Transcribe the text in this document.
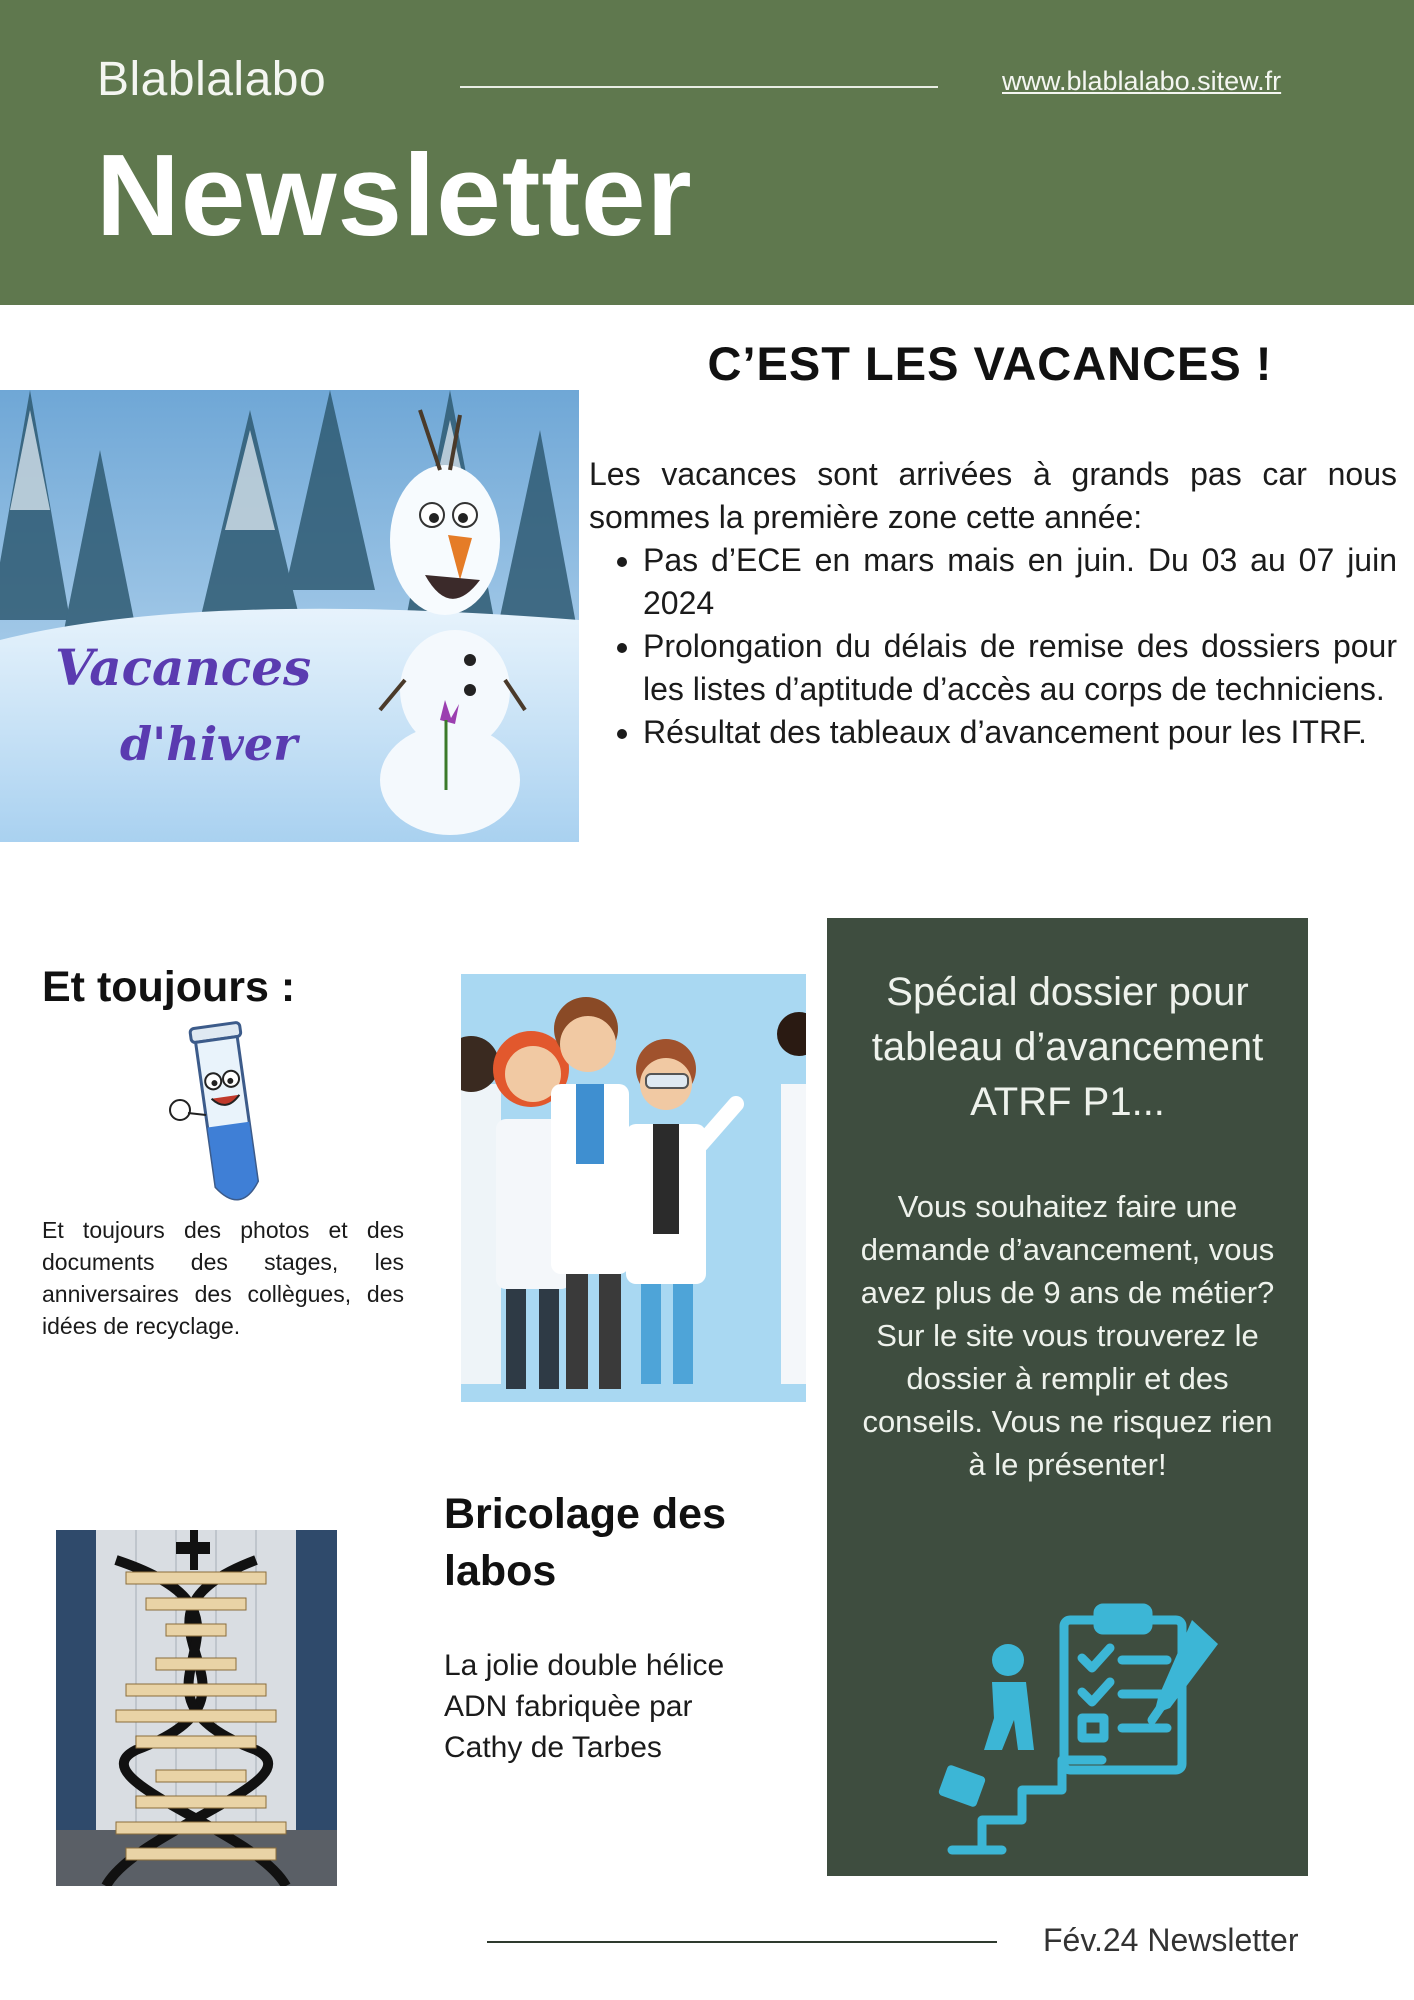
Blablalabo	www.blablalabo.sitew.fr
Newsletter
C’EST LES VACANCES !
Vacances
d'hiver
Les vacances sont arrivées à grands pas car nous sommes la première zone cette année:
• Pas d’ECE en mars mais en juin. Du 03 au 07 juin 2024
• Prolongation du délais de remise des dossiers pour les listes d’aptitude d’accès au corps de techniciens.
• Résultat des tableaux d’avancement pour les ITRF.
Et toujours :
Et toujours des photos et des documents des stages, les anniversaires des collègues, des idées de recyclage.
Spécial dossier pour tableau d’avancement ATRF P1...
Vous souhaitez faire une demande d’avancement, vous avez plus de 9 ans de métier? Sur le site vous trouverez le dossier à remplir et des conseils. Vous ne risquez rien à le présenter!
Bricolage des labos
La jolie double hélice ADN fabriquèe par Cathy de Tarbes
Fév.24 Newsletter
